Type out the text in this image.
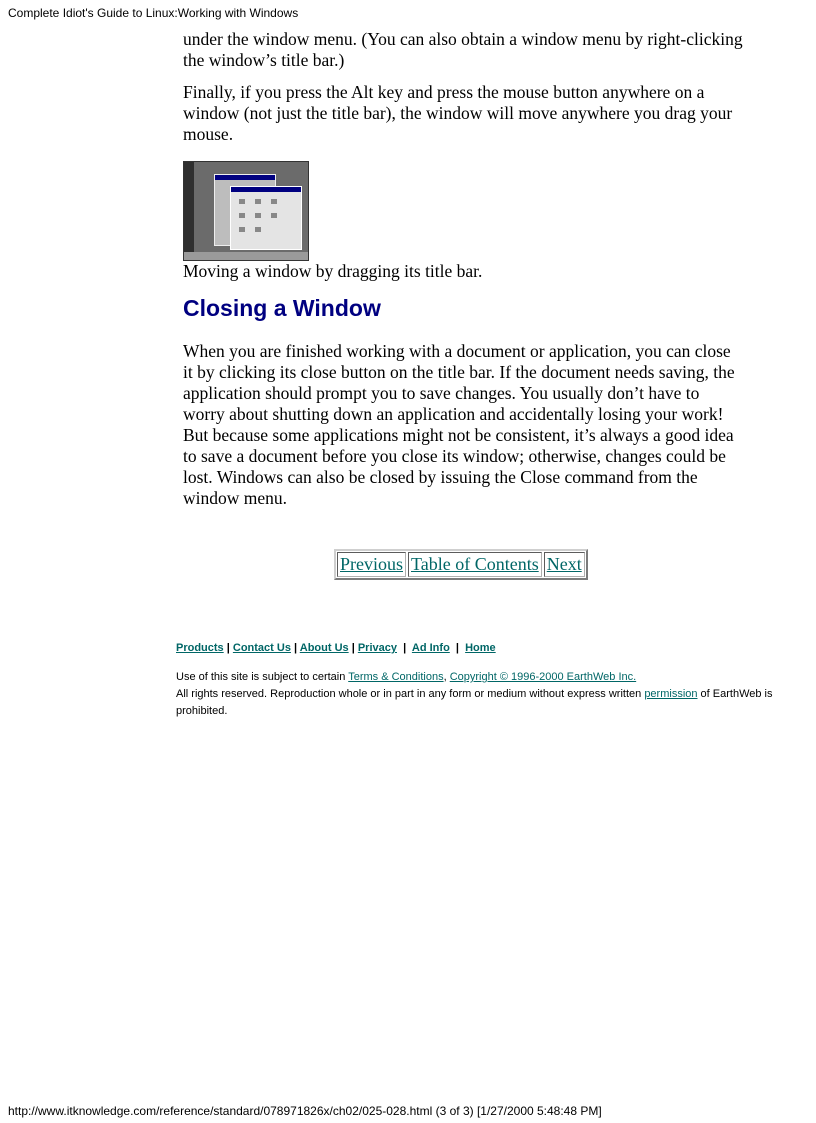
Complete Idiot's Guide to Linux:Working with Windows

under the window menu. (You can also obtain a window menu by right-clicking the window’s title bar.)

Finally, if you press the Alt key and press the mouse button anywhere on a window (not just the title bar), the window will move anywhere you drag your mouse.

Moving a window by dragging its title bar.
Closing a Window

When you are finished working with a document or application, you can close it by clicking its close button on the title bar. If the document needs saving, the application should prompt you to save changes. You usually don’t have to worry about shutting down an application and accidentally losing your work! But because some applications might not be consistent, it’s always a good idea to save a document before you close its window; otherwise, changes could be lost. Windows can also be closed by issuing the Close command from the window menu.

Previous Table of Contents Next
Products | Contact Us | About Us | Privacy  |  Ad Info  |  Home
Use of this site is subject to certain Terms & Conditions, Copyright © 1996-2000 EarthWeb Inc.
All rights reserved. Reproduction whole or in part in any form or medium without express written permission of EarthWeb is prohibited.
http://www.itknowledge.com/reference/standard/078971826x/ch02/025-028.html (3 of 3) [1/27/2000 5:48:48 PM]
